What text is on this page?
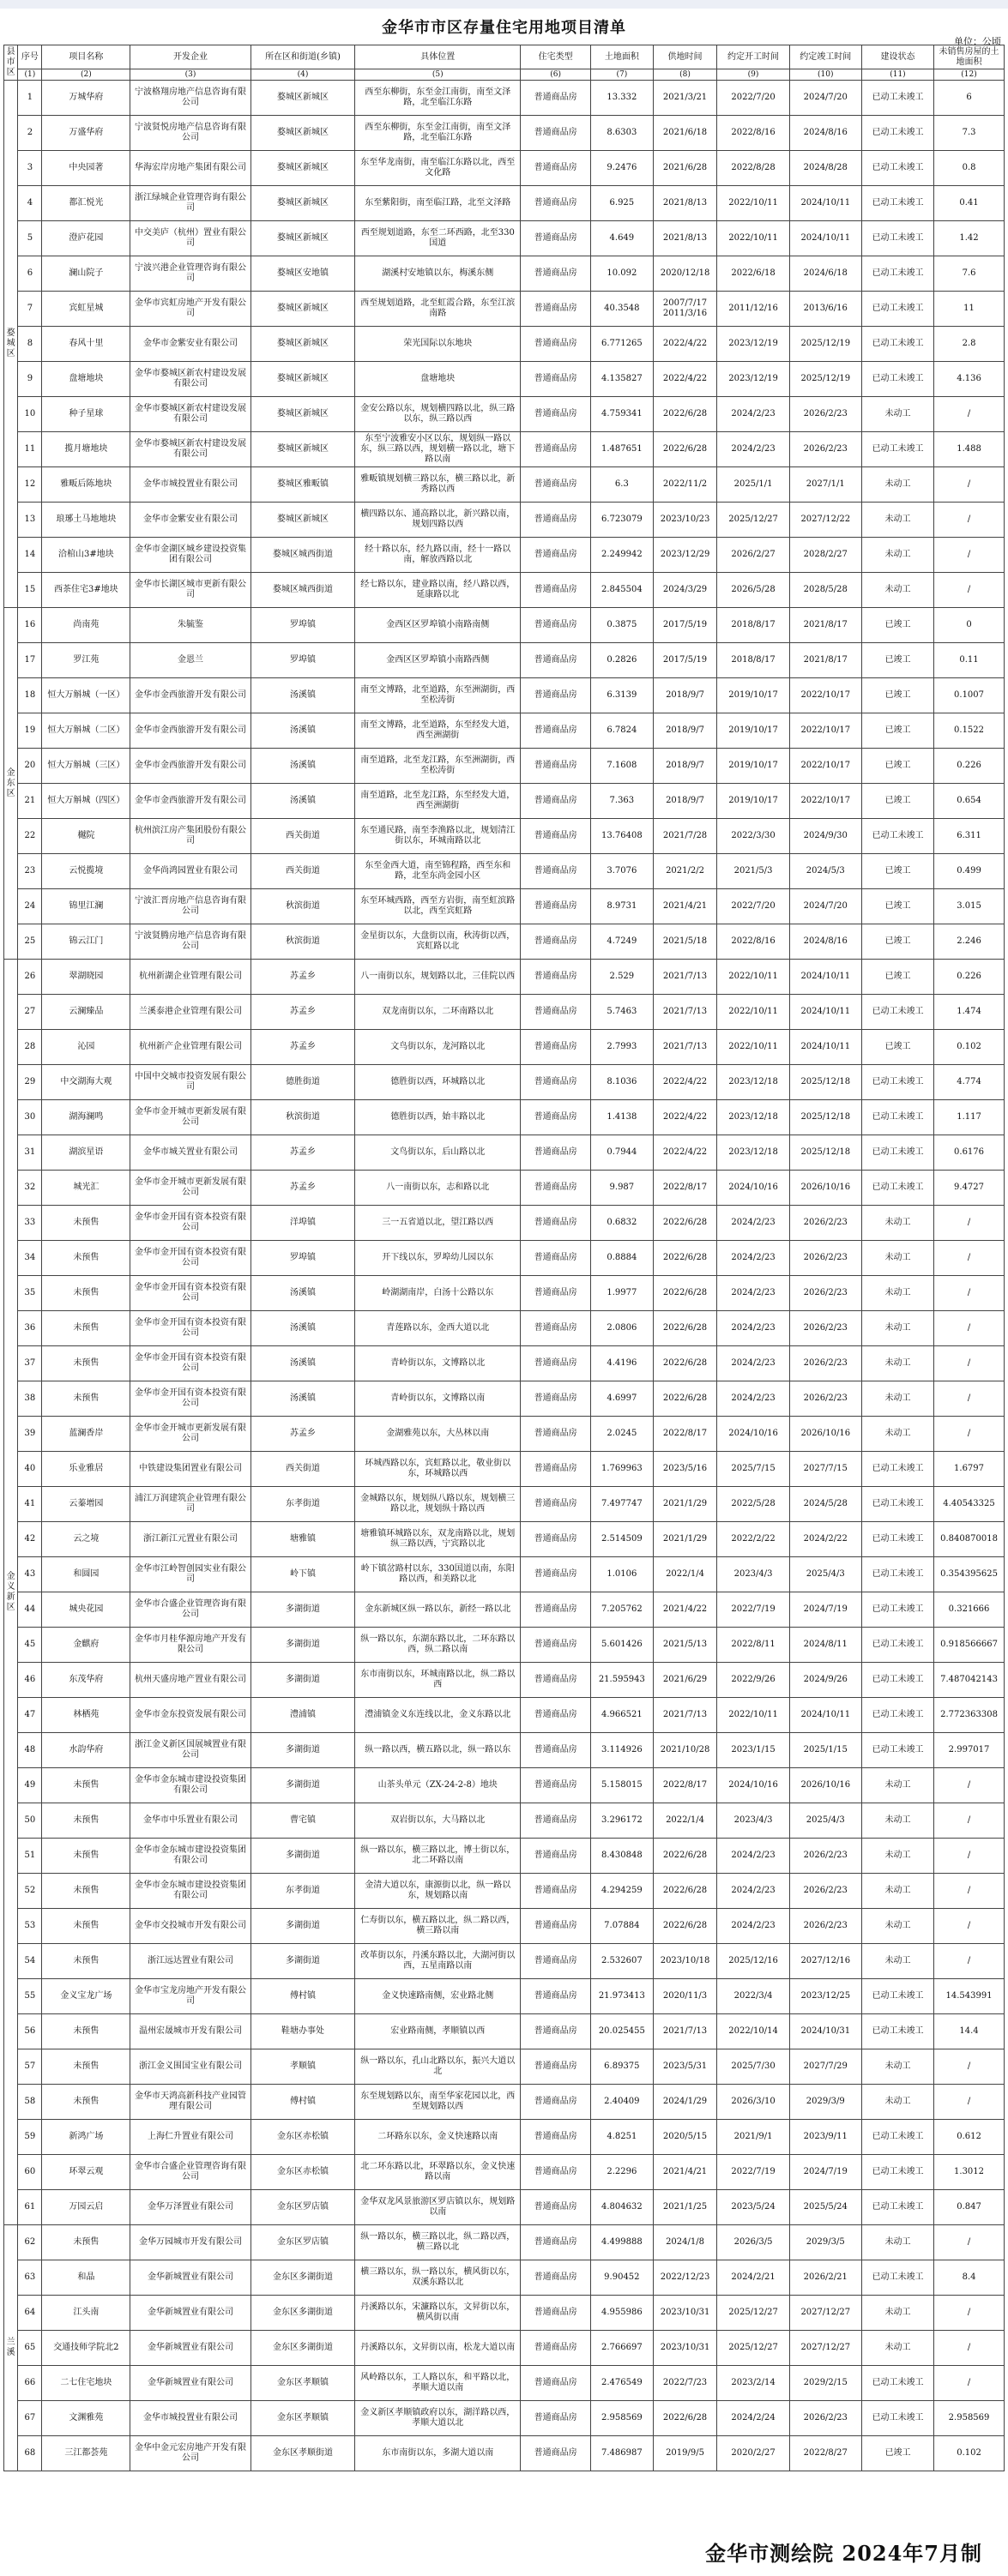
金华市市区存量住宅用地项目清单
单位：公顷
县市区	序号	项目名称	开发企业	所在区和街道(乡镇)	具体位置	住宅类型	土地面积	供地时间	约定开工时间	约定竣工时间	建设状态	未销售房屋的土地面积
	(1)	(2)	(3)	(4)	(5)	(6)	(7)	(8)	(9)	(10)	(11)	(12)
婺城区	1	万城华府	宁波格翔房地产信息咨询有限公司	婺城区新城区	西至东柳街，东至金江南街，南至文泽路，北至临江东路	普通商品房	13.332	2021/3/21	2022/7/20	2024/7/20	已动工未竣工	6
	2	万盛华府	宁波贤悦房地产信息咨询有限公司	婺城区新城区	西至东柳街，东至金江南街，南至文泽路，北至临江东路	普通商品房	8.6303	2021/6/18	2022/8/16	2024/8/16	已动工未竣工	7.3
	3	中央园著	华海宏岸房地产集团有限公司	婺城区新城区	东至华龙南街，南至临江东路以北，西至文化路	普通商品房	9.2476	2021/6/28	2022/8/28	2024/8/28	已动工未竣工	0.8
	4	都汇悦光	浙江绿城企业管理咨询有限公司	婺城区新城区	东至紫阳街，南至临江路，北至文泽路	普通商品房	6.925	2021/8/13	2022/10/11	2024/10/11	已动工未竣工	0.41
	5	澄庐花园	中交美庐（杭州）置业有限公司	婺城区新城区	西至规划道路，东至二环西路，北至330国道	普通商品房	4.649	2021/8/13	2022/10/11	2024/10/11	已动工未竣工	1.42
	6	澜山院子	宁波兴港企业管理咨询有限公司	婺城区安地镇	湖溪村安地镇以东，梅溪东侧	普通商品房	10.092	2020/12/18	2022/6/18	2024/6/18	已动工未竣工	7.6
	7	宾虹星城	金华市宾虹房地产开发有限公司	婺城区新城区	西至规划道路，北至虹霞合路，东至江滨南路	普通商品房	40.3548	2007/7/17 2011/3/16	2011/12/16	2013/6/16	已动工未竣工	11
	8	春风十里	金华市金紫安业有限公司	婺城区新城区	荣光国际以东地块	普通商品房	6.771265	2022/4/22	2023/12/19	2025/12/19	已动工未竣工	2.8
	9	盘塘地块	金华市婺城区新农村建设发展有限公司	婺城区新城区	盘塘地块	普通商品房	4.135827	2022/4/22	2023/12/19	2025/12/19	已动工未竣工	4.136
	10	种子星球	金华市婺城区新农村建设发展有限公司	婺城区新城区	金安公路以东，规划横四路以北，纵三路以东，纵三路以西	普通商品房	4.759341	2022/6/28	2024/2/23	2026/2/23	未动工	/
	11	揽月塘地块	金华市婺城区新农村建设发展有限公司	婺城区新城区	东至宁波雅安小区以东，规划纵一路以东，纵三路以西，规划横一路以北，塘下路以南	普通商品房	1.487651	2022/6/28	2024/2/23	2026/2/23	已动工未竣工	1.488
	12	雅畈后陈地块	金华市城投置业有限公司	婺城区雅畈镇	雅畈镇规划横三路以东，横三路以北，新秀路以西	普通商品房	6.3	2022/11/2	2025/1/1	2027/1/1	未动工	/
	13	琅琊土马地地块	金华市金紫安业有限公司	婺城区新城区	横四路以东、通高路以北，新兴路以南，规划四路以西	普通商品房	6.723079	2023/10/23	2025/12/27	2027/12/22	未动工	/
	14	洽棺山3#地块	金华市金湖区城乡建设投资集团有限公司	婺城区城西街道	经十路以东，经九路以南，经十一路以南，解放西路以北	普通商品房	2.249942	2023/12/29	2026/2/27	2028/2/27	未动工	/
	15	西茶住宅3#地块	金华市长湖区城市更新有限公司	婺城区城西街道	经七路以东，建业路以南，经八路以西，延康路以北	普通商品房	2.845504	2024/3/29	2026/5/28	2028/5/28	未动工	/
金东区	16	尚南苑	朱毓鉴	罗埠镇	金西区区罗埠镇小南路南侧	普通商品房	0.3875	2017/5/19	2018/8/17	2021/8/17	已竣工	0
	17	罗江苑	金恩兰	罗埠镇	金西区区罗埠镇小南路西侧	普通商品房	0.2826	2017/5/19	2018/8/17	2021/8/17	已竣工	0.11
	18	恒大万斛城（一区）	金华市金西旅游开发有限公司	汤溪镇	南至文博路，北至道路，东至洲湖街，西至松涛街	普通商品房	6.3139	2018/9/7	2019/10/17	2022/10/17	已竣工	0.1007
	19	恒大万斛城（二区）	金华市金西旅游开发有限公司	汤溪镇	南至文博路，北至道路，东至经发大道，西至洲湖街	普通商品房	6.7824	2018/9/7	2019/10/17	2022/10/17	已竣工	0.1522
	20	恒大万斛城（三区）	金华市金西旅游开发有限公司	汤溪镇	南至道路，北至龙江路，东至洲湖街，西至松涛街	普通商品房	7.1608	2018/9/7	2019/10/17	2022/10/17	已竣工	0.226
	21	恒大万斛城（四区）	金华市金西旅游开发有限公司	汤溪镇	南至道路，北至龙江路，东至经发大道，西至洲湖街	普通商品房	7.363	2018/9/7	2019/10/17	2022/10/17	已竣工	0.654
	22	樾院	杭州滨江房产集团股份有限公司	西关街道	东至通民路，南至李渔路以北，规划清江街以东，环城南路以北	普通商品房	13.76408	2021/7/28	2022/3/30	2024/9/30	已动工未竣工	6.311
	23	云悦揽境	金华尚鸿园置业有限公司	西关街道	东至金西大道，南至锦程路，西至东和路，北至东尚金园小区	普通商品房	3.7076	2021/2/2	2021/5/3	2024/5/3	已竣工	0.499
	24	锦里江澜	宁波汇晋房地产信息咨询有限公司	秋滨街道	东至环城西路，西至方岩街，南至虹滨路以北，西至宾虹路	普通商品房	8.9731	2021/4/21	2022/7/20	2024/7/20	已竣工	3.015
	25	锦云江门	宁波贤腾房地产信息咨询有限公司	秋滨街道	金星街以东，大盘街以南，秋涛街以西，宾虹路以北	普通商品房	4.7249	2021/5/18	2022/8/16	2024/8/16	已竣工	2.246
金义新区	26	翠湖晓园	杭州新湖企业管理有限公司	苏孟乡	八一南街以东，规划路以北，三佳院以西	普通商品房	2.529	2021/7/13	2022/10/11	2024/10/11	已竣工	0.226
	27	云澜臻品	兰溪泰港企业管理有限公司	苏孟乡	双龙南街以东，二环南路以北	普通商品房	5.7463	2021/7/13	2022/10/11	2024/10/11	已动工未竣工	1.474
	28	沁园	杭州新产企业管理有限公司	苏孟乡	文鸟街以东，龙河路以北	普通商品房	2.7993	2021/7/13	2022/10/11	2024/10/11	已竣工	0.102
	29	中交湖海大观	中国中交城市投资发展有限公司	德胜街道	德胜街以西，环城路以北	普通商品房	8.1036	2022/4/22	2023/12/18	2025/12/18	已动工未竣工	4.774
	30	湖海澜鸣	金华市金开城市更新发展有限公司	秋滨街道	德胜街以西，始丰路以北	普通商品房	1.4138	2022/4/22	2023/12/18	2025/12/18	已动工未竣工	1.117
	31	湖滨星语	金华市城关置业有限公司	苏孟乡	文鸟街以东，后山路以北	普通商品房	0.7944	2022/4/22	2023/12/18	2025/12/18	已动工未竣工	0.6176
	32	城光汇	金华市金开城市更新发展有限公司	苏孟乡	八一南街以东，志和路以北	普通商品房	9.987	2022/8/17	2024/10/16	2026/10/16	已动工未竣工	9.4727
	33	未预售	金华市金开国有资本投资有限公司	洋埠镇	三一五省道以北，望江路以西	普通商品房	0.6832	2022/6/28	2024/2/23	2026/2/23	未动工	/
	34	未预售	金华市金开国有资本投资有限公司	罗埠镇	开下线以东，罗埠幼儿园以东	普通商品房	0.8884	2022/6/28	2024/2/23	2026/2/23	未动工	/
	35	未预售	金华市金开国有资本投资有限公司	汤溪镇	岭湖湖南岸，白汤十公路以东	普通商品房	1.9977	2022/6/28	2024/2/23	2026/2/23	未动工	/
	36	未预售	金华市金开国有资本投资有限公司	汤溪镇	青莲路以东，金西大道以北	普通商品房	2.0806	2022/6/28	2024/2/23	2026/2/23	未动工	/
	37	未预售	金华市金开国有资本投资有限公司	汤溪镇	青岭街以东，文博路以北	普通商品房	4.4196	2022/6/28	2024/2/23	2026/2/23	未动工	/
	38	未预售	金华市金开国有资本投资有限公司	汤溪镇	青岭街以东，文博路以南	普通商品房	4.6997	2022/6/28	2024/2/23	2026/2/23	未动工	/
	39	蓝澜香岸	金华市金开城市更新发展有限公司	苏孟乡	金湖雅苑以东，大丛林以南	普通商品房	2.0245	2022/8/17	2024/10/16	2026/10/16	未动工	/
	40	乐业雅居	中铁建设集团置业有限公司	西关街道	环城西路以东，宾虹路以北，敬业街以东，环城路以西	普通商品房	1.769963	2023/5/16	2025/7/15	2027/7/15	已动工未竣工	1.6797
	41	云蓁增园	浦江万润建筑企业管理有限公司	东孝街道	金城路以东，规划纵八路以东，规划横三路以北，规划纵十路以西	普通商品房	7.497747	2021/1/29	2022/5/28	2024/5/28	已动工未竣工	4.40543325
	42	云之境	浙江新江元置业有限公司	塘雅镇	塘雅镇环城路以东，双龙南路以北，规划纵三路以西，宁宾路以北	普通商品房	2.514509	2021/1/29	2022/2/22	2024/2/22	已动工未竣工	0.840870018
	43	和圆园	金华市江岭智创园实业有限公司	岭下镇	岭下镇岔路村以东，330国道以南，东阳路以西，和美路以北	普通商品房	1.0106	2022/1/4	2023/4/3	2025/4/3	已动工未竣工	0.354395625
	44	城央花园	金华市合盛企业管理咨询有限公司	多湖街道	金东新城区纵一路以东，新经一路以北	普通商品房	7.205762	2021/4/22	2022/7/19	2024/7/19	已动工未竣工	0.321666
	45	金麒府	金华市月桂华源房地产开发有限公司	多湖街道	纵一路以东，东湖东路以北，二环东路以西，纵二路以南	普通商品房	5.601426	2021/5/13	2022/8/11	2024/8/11	已动工未竣工	0.918566667
	46	东茂华府	杭州天盛房地产置业有限公司	多湖街道	东市南街以东，环城南路以北，纵二路以西	普通商品房	21.595943	2021/6/29	2022/9/26	2024/9/26	已动工未竣工	7.487042143
	47	林栖苑	金华市金东投资发展有限公司	澧浦镇	澧浦镇金义东连线以北，金义东路以北	普通商品房	4.966521	2021/7/13	2022/10/11	2024/10/11	已动工未竣工	2.772363308
	48	水韵华府	浙江金义新区国展城置业有限公司	多湖街道	纵一路以西，横五路以北，纵一路以东	普通商品房	3.114926	2021/10/28	2023/1/15	2025/1/15	已动工未竣工	2.997017
	49	未预售	金华市金东城市建设投资集团有限公司	多湖街道	山茶头单元（ZX-24-2-8）地块	普通商品房	5.158015	2022/8/17	2024/10/16	2026/10/16	未动工	/
	50	未预售	金华市中乐置业有限公司	曹宅镇	双岩街以东，大马路以北	普通商品房	3.296172	2022/1/4	2023/4/3	2025/4/3	未动工	/
	51	未预售	金华市金东城市建设投资集团有限公司	多湖街道	纵一路以东，横三路以北，博士街以东，北二环路以南	普通商品房	8.430848	2022/6/28	2024/2/23	2026/2/23	未动工	/
	52	未预售	金华市金东城市建设投资集团有限公司	东孝街道	金清大道以东，康源街以北，纵一路以东，规划路以南	普通商品房	4.294259	2022/6/28	2024/2/23	2026/2/23	未动工	/
	53	未预售	金华市交投城市开发有限公司	多湖街道	仁寿街以东，横五路以北，纵二路以西，横三路以南	普通商品房	7.07884	2022/6/28	2024/2/23	2026/2/23	未动工	/
	54	未预售	浙江远达置业有限公司	多湖街道	改革街以东，丹溪东路以北，大湖河街以西，五星南路以南	普通商品房	2.532607	2023/10/18	2025/12/16	2027/12/16	未动工	/
	55	金义宝龙广场	金华市宝龙房地产开发有限公司	傅村镇	金义快速路南侧，宏业路北侧	普通商品房	21.973413	2020/11/3	2022/3/4	2023/12/25	已动工未竣工	14.543991
	56	未预售	温州宏晟城市开发有限公司	鞋塘办事处	宏业路南侧，孝顺镇以西	普通商品房	20.025455	2021/7/13	2022/10/14	2024/10/31	已动工未竣工	14.4
	57	未预售	浙江金义围国宝业有限公司	孝顺镇	纵一路以东，孔山北路以东，振兴大道以北	普通商品房	6.89375	2023/5/31	2025/7/30	2027/7/29	未动工	/
	58	未预售	金华市天鸿高新科技产业园管理有限公司	傅村镇	东至规划路以东，南至华家花园以北，西至规划路以西	普通商品房	2.40409	2024/1/29	2026/3/10	2029/3/9	未动工	/
	59	新鸿广场	上海仁升置业有限公司	金东区赤松镇	二环路东以东，金义快速路以南	普通商品房	4.8251	2020/5/15	2021/9/1	2023/9/11	已动工未竣工	0.612
	60	环翠云观	金华市合盛企业管理咨询有限公司	金东区赤松镇	北二环东路以北，环翠路以东，金义快速路以南	普通商品房	2.2296	2021/4/21	2022/7/19	2024/7/19	已动工未竣工	1.3012
	61	万园云启	金华万泽置业有限公司	金东区罗店镇	金华双龙风景旅游区罗店镇以东，规划路以南	普通商品房	4.804632	2021/1/25	2023/5/24	2025/5/24	已动工未竣工	0.847
兰溪	62	未预售	金华万园城市开发有限公司	金东区罗店镇	纵一路以东，横三路以北，纵二路以西，横三路以北	普通商品房	4.499888	2024/1/8	2026/3/5	2029/3/5	未动工	/
	63	和晶	金华新城置业有限公司	金东区多湖街道	横三路以东，纵一路以东，横风街以东，双溪东路以北	普通商品房	9.90452	2022/12/23	2024/2/21	2026/2/21	已动工未竣工	8.4
	64	江头南	金华新城置业有限公司	金东区多湖街道	丹溪路以东，宋濂路以东，文昇街以东，横风街以南	普通商品房	4.955986	2023/10/31	2025/12/27	2027/12/27	未动工	/
	65	交通技师学院北2	金华新城置业有限公司	金东区多湖街道	丹溪路以东，文昇街以南，松龙大道以南	普通商品房	2.766697	2023/10/31	2025/12/27	2027/12/27	未动工	/
	66	二七住宅地块	金华新城置业有限公司	金东区孝顺镇	风岭路以东，工人路以东，和平路以北，孝顺大道以南	普通商品房	2.476549	2022/7/23	2023/2/14	2029/2/15	已动工未竣工	/
	67	文渊雅苑	金华市城投置业有限公司	金东区孝顺镇	金义新区孝顺镇政府以东，湖洋路以西，孝顺大道以北	普通商品房	2.958569	2022/6/28	2024/2/24	2026/2/23	已动工未竣工	2.958569
	68	三江都荟苑	金华中金元宏房地产开发有限公司	金东区孝顺街道	东市南街以东，多湖大道以南	普通商品房	7.486987	2019/9/5	2020/2/27	2022/8/27	已竣工	0.102
金华市测绘院 2024年7月制
